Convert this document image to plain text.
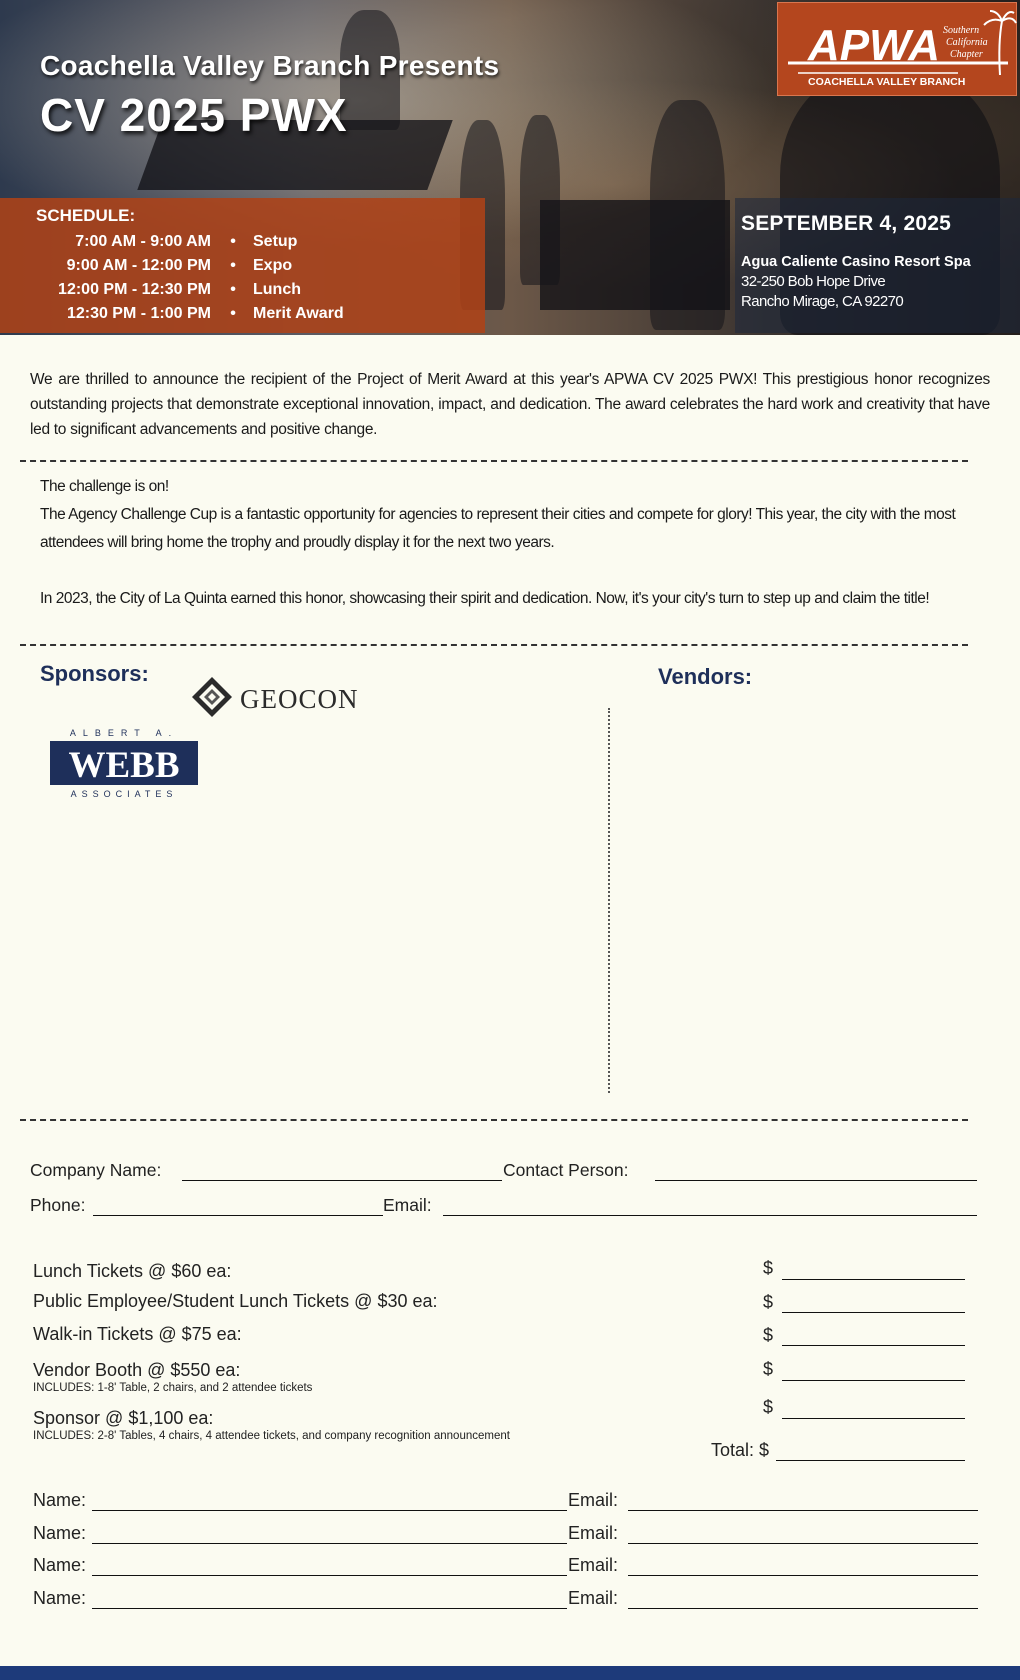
Coachella Valley Branch Presents
CV 2025 PWX
SCHEDULE:
7:00 AM - 9:00 AM	•	Setup
9:00 AM - 12:00 PM	•	Expo
12:00 PM - 12:30 PM	•	Lunch
12:30 PM - 1:00 PM	•	Merit Award
APWA Southern
California
Chapter
COACHELLA VALLEY BRANCH
SEPTEMBER 4, 2025
Agua Caliente Casino Resort Spa
32-250 Bob Hope Drive
Rancho Mirage, CA 92270
We are thrilled to announce the recipient of the Project of Merit Award at this year's APWA CV 2025 PWX! This prestigious honor recognizes outstanding projects that demonstrate exceptional innovation, impact, and dedication. The award celebrates the hard work and creativity that have led to significant advancements and positive change.

The challenge is on!

The Agency Challenge Cup is a fantastic opportunity for agencies to represent their cities and compete for glory! This year, the city with the most attendees will bring home the trophy and proudly display it for the next two years.

In 2023, the City of La Quinta earned this honor, showcasing their spirit and dedication. Now, it's your city's turn to step up and claim the title!

Sponsors:	Vendors:
GEOCON
ALBERT A.
WEBB
ASSOCIATES
Company Name:	Contact Person:
Phone:	Email:
Lunch Tickets @ $60 ea:	$
Public Employee/Student Lunch Tickets @ $30 ea:	$
Walk-in Tickets @ $75 ea:	$
Vendor Booth @ $550 ea:
INCLUDES: 1-8' Table, 2 chairs, and 2 attendee tickets
$
Sponsor @ $1,100 ea:
INCLUDES: 2-8' Tables, 4 chairs, 4 attendee tickets, and company recognition announcement
$
Total: $
Name:	Email:
Name:	Email:
Name:	Email:
Name:	Email:
